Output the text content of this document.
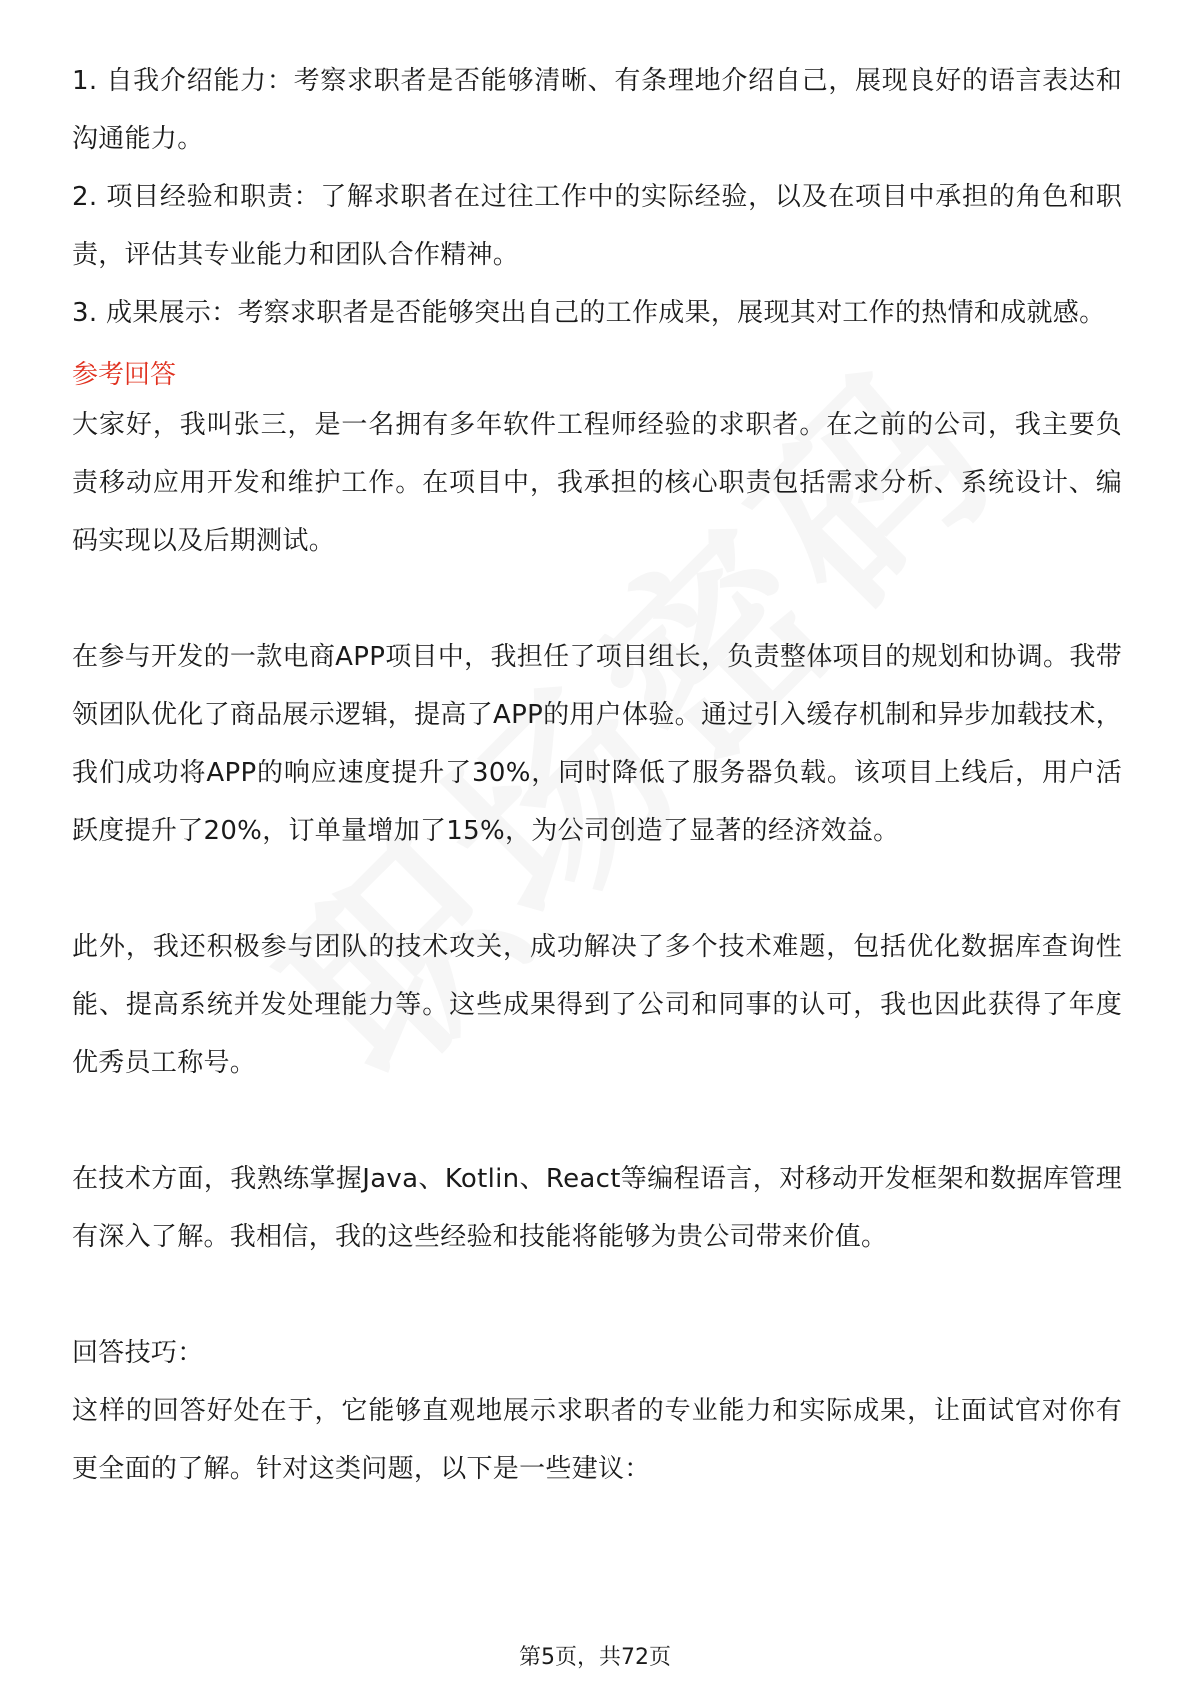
1. 自我介绍能力：考察求职者是否能够清晰、有条理地介绍自己，展现良好的语言表达和沟通能力。

2. 项目经验和职责：了解求职者在过往工作中的实际经验，以及在项目中承担的角色和职责，评估其专业能力和团队合作精神。

3. 成果展示：考察求职者是否能够突出自己的工作成果，展现其对工作的热情和成就感。

参考回答

大家好，我叫张三，是一名拥有多年软件工程师经验的求职者。在之前的公司，我主要负责移动应用开发和维护工作。在项目中，我承担的核心职责包括需求分析、系统设计、编码实现以及后期测试。

在参与开发的一款电商APP项目中，我担任了项目组长，负责整体项目的规划和协调。我带领团队优化了商品展示逻辑，提高了APP的用户体验。通过引入缓存机制和异步加载技术，我们成功将APP的响应速度提升了30%，同时降低了服务器负载。该项目上线后，用户活跃度提升了20%，订单量增加了15%，为公司创造了显著的经济效益。

此外，我还积极参与团队的技术攻关，成功解决了多个技术难题，包括优化数据库查询性能、提高系统并发处理能力等。这些成果得到了公司和同事的认可，我也因此获得了年度优秀员工称号。

在技术方面，我熟练掌握Java、Kotlin、React等编程语言，对移动开发框架和数据库管理有深入了解。我相信，我的这些经验和技能将能够为贵公司带来价值。

回答技巧：

这样的回答好处在于，它能够直观地展示求职者的专业能力和实际成果，让面试官对你有更全面的了解。针对这类问题，以下是一些建议：

第5页，共72页
